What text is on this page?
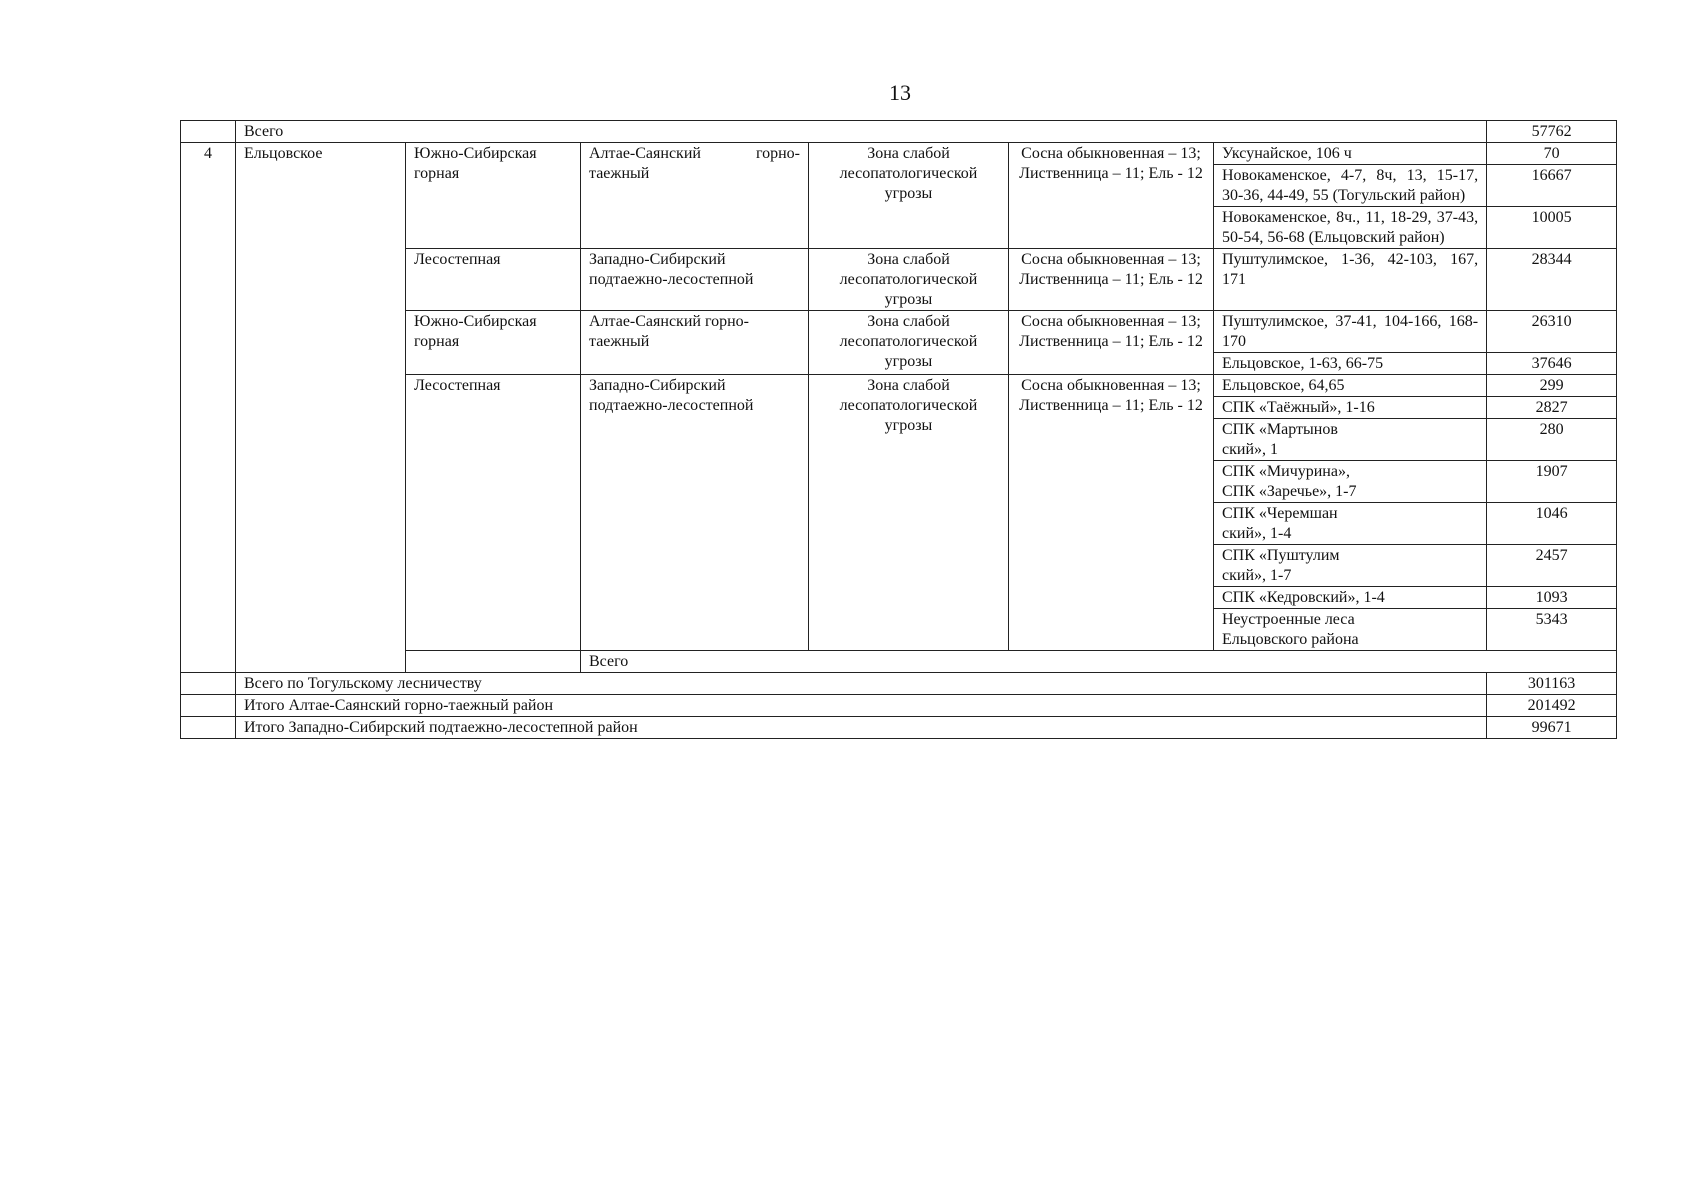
13
	Всего						57762	
4	Ельцовское	Южно-Сибирская горная	Алтае-Саянский горно-таежный	Зона слабой лесопатологической угрозы	Сосна обыкновенная – 13; Лиственница – 11; Ель - 12	Уксунайское, 106 ч	70	
						Новокаменское, 4-7, 8ч, 13, 15-17, 30-36, 44-49, 55 (Тогульский район)	16667	
						Новокаменское, 8ч., 11, 18-29, 37-43, 50-54, 56-68 (Ельцовский район)	10005	
		Лесостепная	Западно-Сибирский подтаежно-лесостепной	Зона слабой лесопатологической угрозы	Сосна обыкновенная – 13; Лиственница – 11; Ель - 12	Пуштулимское, 1-36, 42-103, 167, 171	28344	
		Южно-Сибирская горная	Алтае-Саянский горно-таежный	Зона слабой лесопатологической угрозы	Сосна обыкновенная – 13; Лиственница – 11; Ель - 12	Пуштулимское, 37-41, 104-166, 168-170	26310	
						Ельцовское, 1-63, 66-75	37646	
		Лесостепная	Западно-Сибирский подтаежно-лесостепной	Зона слабой лесопатологической угрозы	Сосна обыкновенная – 13; Лиственница – 11; Ель - 12	Ельцовское, 64,65	299	
						СПК «Таёжный», 1-16	2827	
						СПК «Мартынов ский», 1	280	
						СПК «Мичурина», СПК «Заречье», 1-7	1907	
						СПК «Черемшан ский», 1-4	1046	
						СПК «Пуштулим ский», 1-7	2457	
						СПК «Кедровский», 1-4	1093	
						Неустроенные леса Ельцовского района	5343	
			Всего	
	Всего по Тогульскому лесничеству						301163	
	Итого Алтае-Саянский горно-таежный район						201492	
	Итого Западно-Сибирский подтаежно-лесостепной район						99671	
